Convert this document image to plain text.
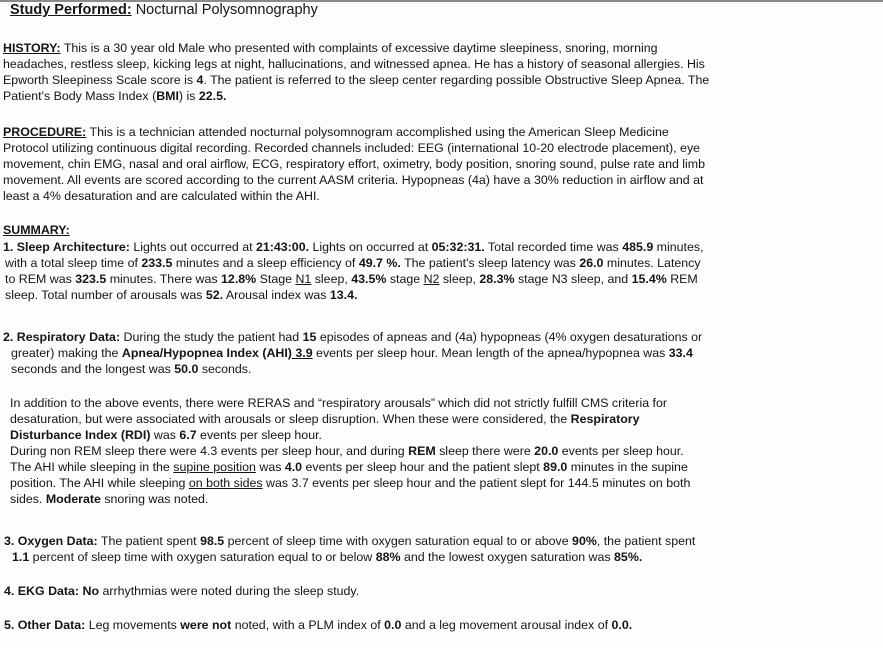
Study Performed: Nocturnal Polysomnography
HISTORY: This is a 30 year old Male who presented with complaints of excessive daytime sleepiness, snoring, morning
headaches, restless sleep, kicking legs at night, hallucinations, and witnessed apnea. He has a history of seasonal allergies. His
Epworth Sleepiness Scale score is 4. The patient is referred to the sleep center regarding possible Obstructive Sleep Apnea. The
Patient's Body Mass Index (BMI) is 22.5.
PROCEDURE: This is a technician attended nocturnal polysomnogram accomplished using the American Sleep Medicine
Protocol utilizing continuous digital recording. Recorded channels included: EEG (international 10-20 electrode placement), eye
movement, chin EMG, nasal and oral airflow, ECG, respiratory effort, oximetry, body position, snoring sound, pulse rate and limb
movement. All events are scored according to the current AASM criteria. Hypopneas (4a) have a 30% reduction in airflow and at
least a 4% desaturation and are calculated within the AHI.
SUMMARY:
1. Sleep Architecture: Lights out occurred at 21:43:00. Lights on occurred at 05:32:31. Total recorded time was 485.9 minutes,
with a total sleep time of 233.5 minutes and a sleep efficiency of 49.7 %. The patient's sleep latency was 26.0 minutes. Latency
to REM was 323.5 minutes. There was 12.8% Stage N1 sleep, 43.5% stage N2 sleep, 28.3% stage N3 sleep, and 15.4% REM
sleep. Total number of arousals was 52. Arousal index was 13.4.
2. Respiratory Data: During the study the patient had 15 episodes of apneas and (4a) hypopneas (4% oxygen desaturations or
greater) making the Apnea/Hypopnea Index (AHI) 3.9 events per sleep hour. Mean length of the apnea/hypopnea was 33.4
seconds and the longest was 50.0 seconds.
In addition to the above events, there were RERAS and “respiratory arousals” which did not strictly fulfill CMS criteria for
desaturation, but were associated with arousals or sleep disruption. When these were considered, the Respiratory
Disturbance Index (RDI) was 6.7 events per sleep hour.
During non REM sleep there were 4.3 events per sleep hour, and during REM sleep there were 20.0 events per sleep hour.
The AHI while sleeping in the supine position was 4.0 events per sleep hour and the patient slept 89.0 minutes in the supine
position. The AHI while sleeping on both sides was 3.7 events per sleep hour and the patient slept for 144.5 minutes on both
sides. Moderate snoring was noted.
3. Oxygen Data: The patient spent 98.5 percent of sleep time with oxygen saturation equal to or above 90%, the patient spent
1.1 percent of sleep time with oxygen saturation equal to or below 88% and the lowest oxygen saturation was 85%.
4. EKG Data: No arrhythmias were noted during the sleep study.
5. Other Data: Leg movements were not noted, with a PLM index of 0.0 and a leg movement arousal index of 0.0.
